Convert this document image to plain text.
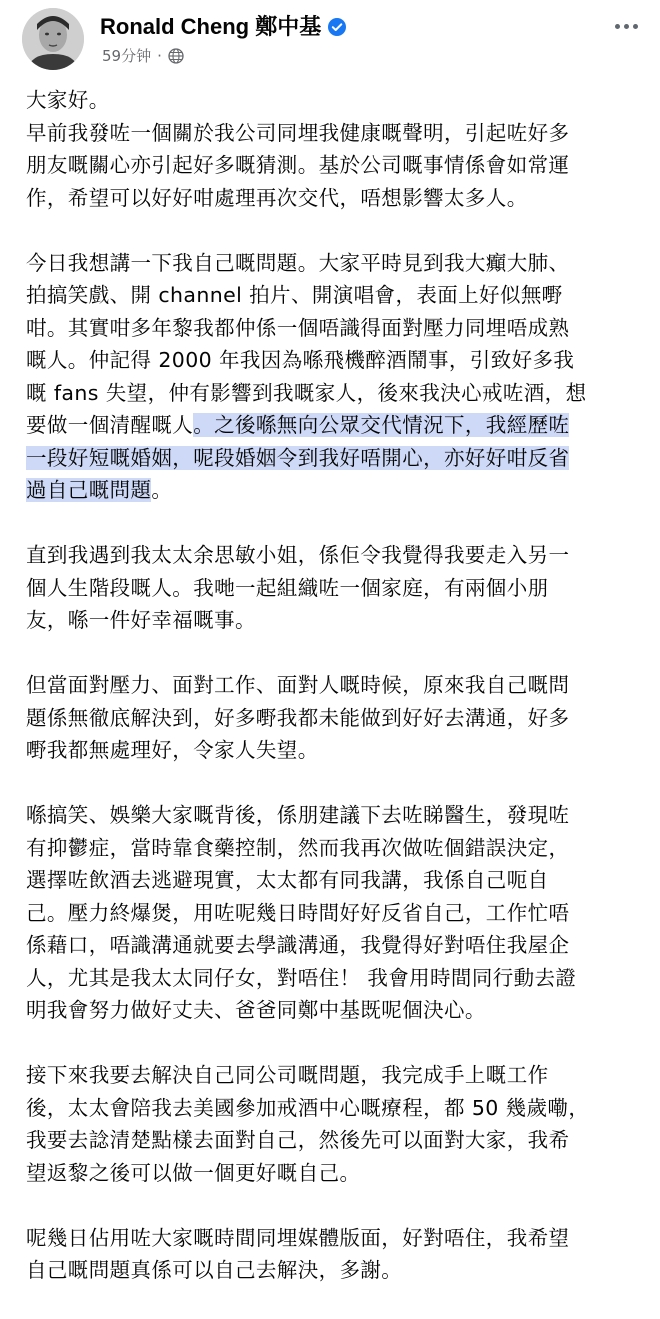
Ronald Cheng 鄭中基
59分钟 ·

大家好。
早前我發咗一個關於我公司同埋我健康嘅聲明，引起咗好多
朋友嘅關心亦引起好多嘅猜測。基於公司嘅事情係會如常運
作，希望可以好好咁處理再次交代，唔想影響太多人。

今日我想講一下我自己嘅問題。大家平時見到我大癲大肺、
拍搞笑戲、開 channel 拍片、開演唱會，表面上好似無嘢
咁。其實咁多年黎我都仲係一個唔識得面對壓力同埋唔成熟
嘅人。仲記得 2000 年我因為喺飛機醉酒鬧事，引致好多我
嘅 fans 失望，仲有影響到我嘅家人，後來我決心戒咗酒，想
要做一個清醒嘅人。之後喺無向公眾交代情況下，我經歷咗
一段好短嘅婚姻，呢段婚姻令到我好唔開心，亦好好咁反省
過自己嘅問題。

直到我遇到我太太余思敏小姐，係佢令我覺得我要走入另一
個人生階段嘅人。我哋一起組織咗一個家庭，有兩個小朋
友，喺一件好幸福嘅事。

但當面對壓力、面對工作、面對人嘅時候，原來我自己嘅問
題係無徹底解決到，好多嘢我都未能做到好好去溝通，好多
嘢我都無處理好，令家人失望。

喺搞笑、娛樂大家嘅背後，係朋建議下去咗睇醫生，發現咗
有抑鬱症，當時靠食藥控制，然而我再次做咗個錯誤決定，
選擇咗飲酒去逃避現實，太太都有同我講，我係自己呃自
己。壓力終爆煲，用咗呢幾日時間好好反省自己，工作忙唔
係藉口，唔識溝通就要去學識溝通，我覺得好對唔住我屋企
人，尤其是我太太同仔女，對唔住！ 我會用時間同行動去證
明我會努力做好丈夫、爸爸同鄭中基既呢個決心。

接下來我要去解決自己同公司嘅問題，我完成手上嘅工作
後，太太會陪我去美國參加戒酒中心嘅療程，都 50 幾歲嘞，
我要去諗清楚點樣去面對自己，然後先可以面對大家，我希
望返黎之後可以做一個更好嘅自己。

呢幾日佔用咗大家嘅時間同埋媒體版面，好對唔住，我希望
自己嘅問題真係可以自己去解決，多謝。
